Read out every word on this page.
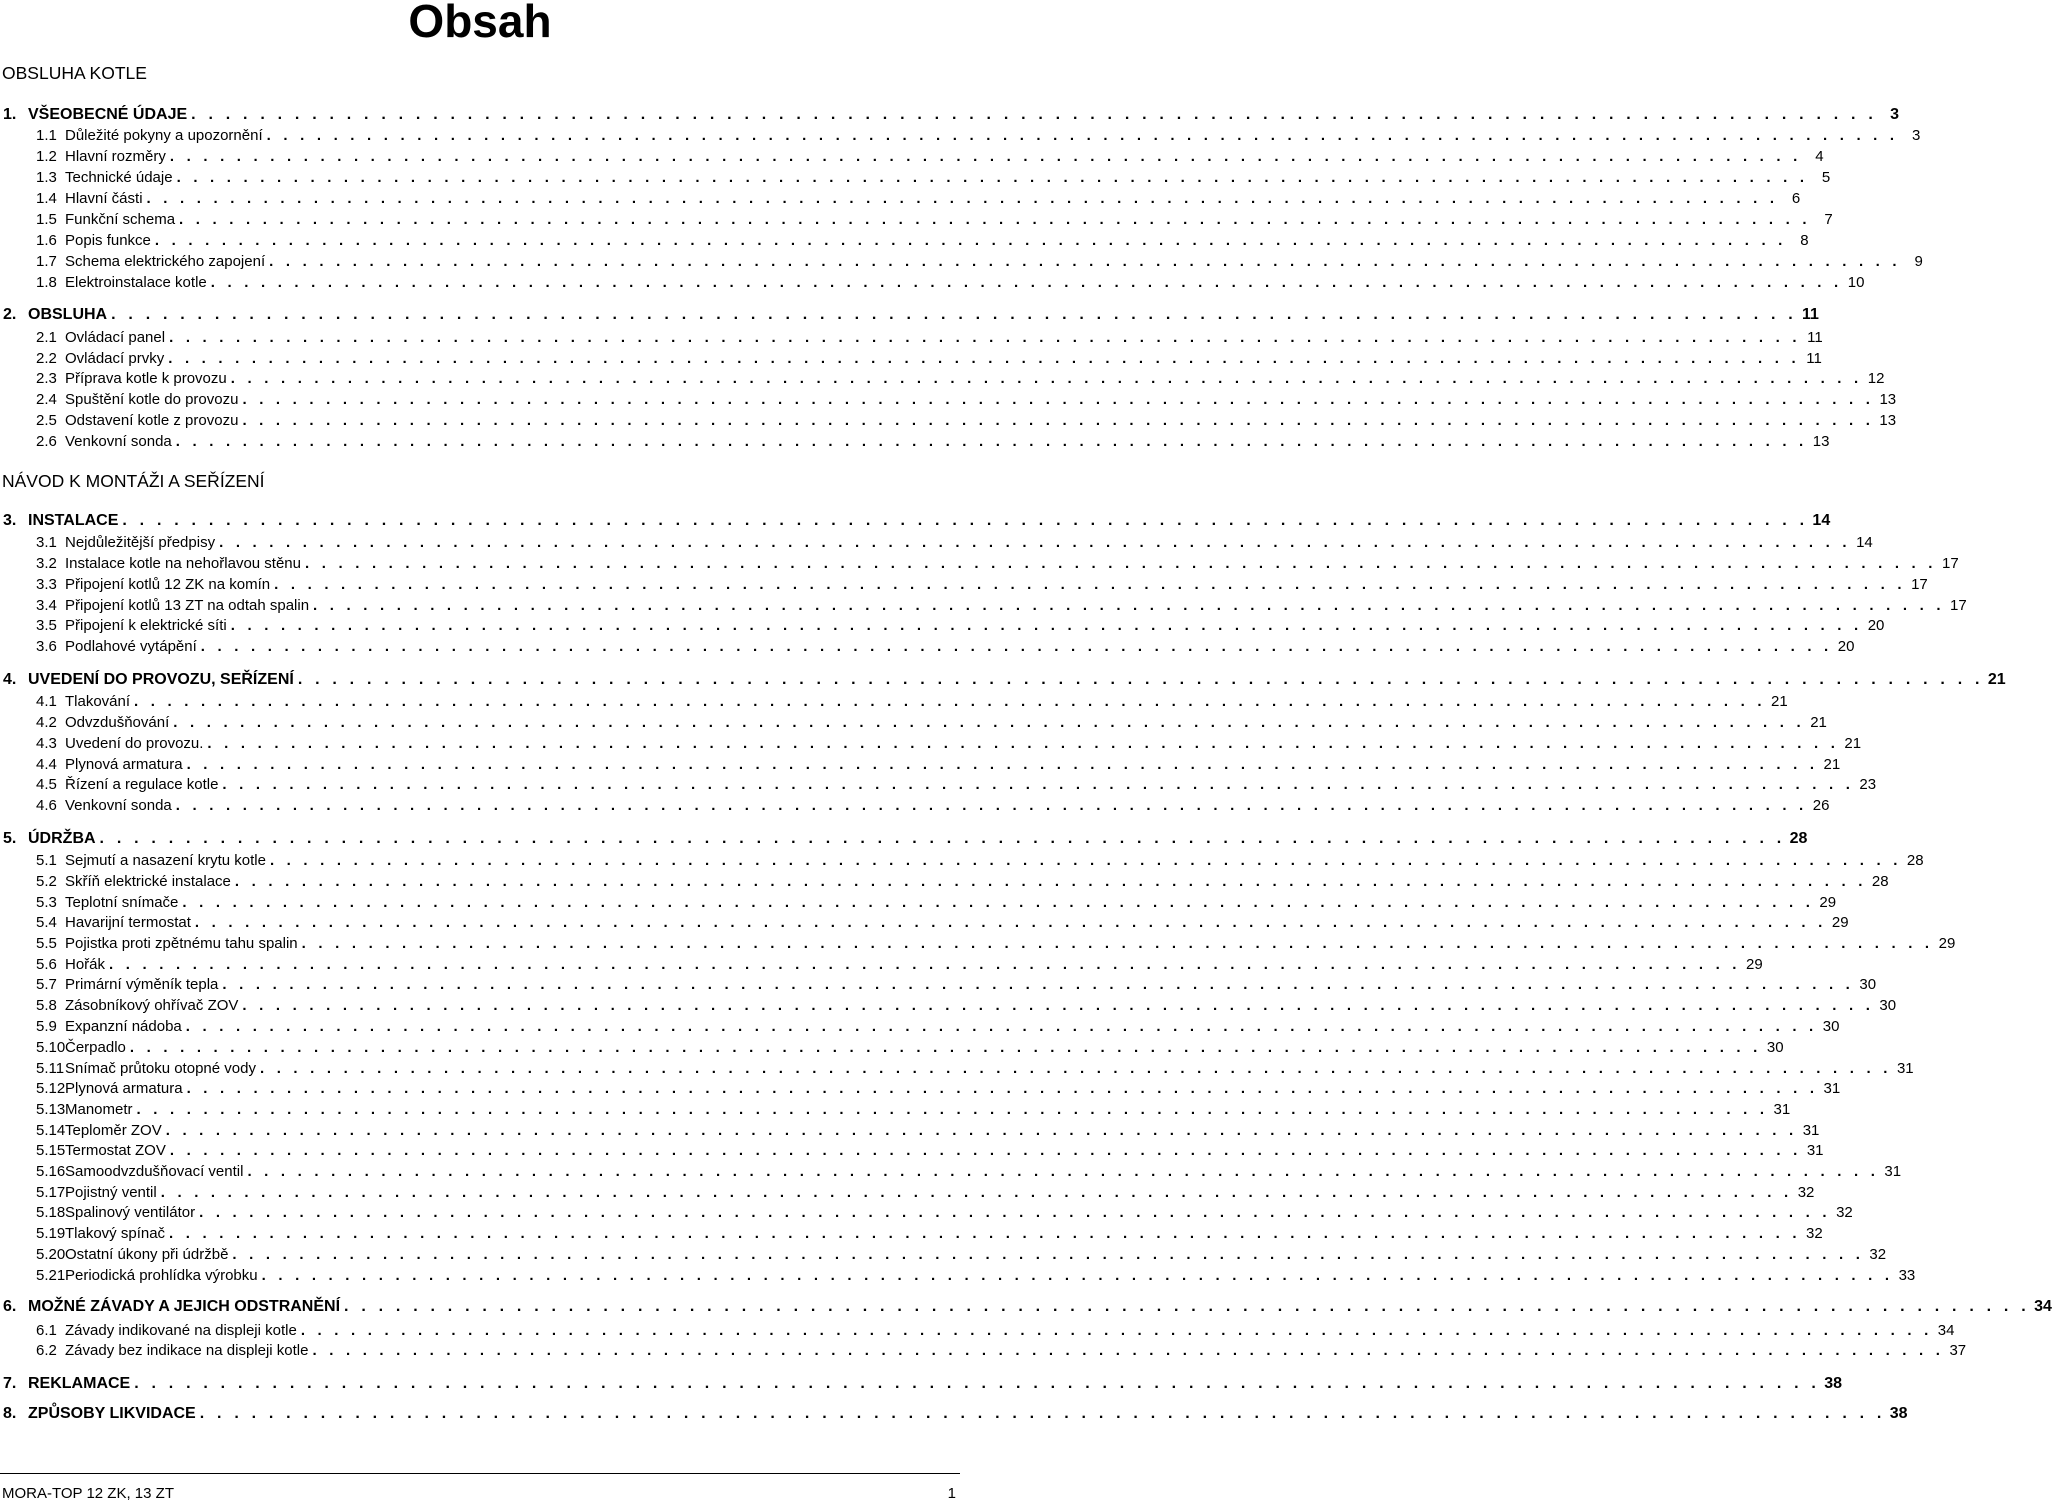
Obsah
OBSLUHA KOTLE
1. VŠEOBECNÉ ÚDAJE . . . . . . . . . . . . . . . . . . . . . . . . . . . . . . . . . . . . . . . . . . . . . . . . . . . . . . . . . . . . . . . . . . . . . . . . . . . . . . . . . . . . . . . . . . . . . . . . . . 3
1.1 Důležité pokyny a upozornění . . . . . . . . . . . . . . . . . . . . . . . . . . . . . . . . . . . . . . . . . . . . . . . . . . . . . . . . . . . . . . . . . . . . . . . . . . . . . . . . . . . . . . . . . . . . . . . . . . 3
1.2 Hlavní rozměry . . . . . . . . . . . . . . . . . . . . . . . . . . . . . . . . . . . . . . . . . . . . . . . . . . . . . . . . . . . . . . . . . . . . . . . . . . . . . . . . . . . . . . . . . . . . . . . . . . 4
1.3 Technické údaje . . . . . . . . . . . . . . . . . . . . . . . . . . . . . . . . . . . . . . . . . . . . . . . . . . . . . . . . . . . . . . . . . . . . . . . . . . . . . . . . . . . . . . . . . . . . . . . . . . 5
1.4 Hlavní části . . . . . . . . . . . . . . . . . . . . . . . . . . . . . . . . . . . . . . . . . . . . . . . . . . . . . . . . . . . . . . . . . . . . . . . . . . . . . . . . . . . . . . . . . . . . . . . . . . 6
1.5 Funkční schema . . . . . . . . . . . . . . . . . . . . . . . . . . . . . . . . . . . . . . . . . . . . . . . . . . . . . . . . . . . . . . . . . . . . . . . . . . . . . . . . . . . . . . . . . . . . . . . . . . 7
1.6 Popis funkce . . . . . . . . . . . . . . . . . . . . . . . . . . . . . . . . . . . . . . . . . . . . . . . . . . . . . . . . . . . . . . . . . . . . . . . . . . . . . . . . . . . . . . . . . . . . . . . . . . 8
1.7 Schema elektrického zapojení . . . . . . . . . . . . . . . . . . . . . . . . . . . . . . . . . . . . . . . . . . . . . . . . . . . . . . . . . . . . . . . . . . . . . . . . . . . . . . . . . . . . . . . . . . . . . . . . . . 9
1.8 Elektroinstalace kotle . . . . . . . . . . . . . . . . . . . . . . . . . . . . . . . . . . . . . . . . . . . . . . . . . . . . . . . . . . . . . . . . . . . . . . . . . . . . . . . . . . . . . . . . . . . . . . . . . . 10
2. OBSLUHA . . . . . . . . . . . . . . . . . . . . . . . . . . . . . . . . . . . . . . . . . . . . . . . . . . . . . . . . . . . . . . . . . . . . . . . . . . . . . . . . . . . . . . . . . . . . . . . . . . 11
2.1 Ovládací panel . . . . . . . . . . . . . . . . . . . . . . . . . . . . . . . . . . . . . . . . . . . . . . . . . . . . . . . . . . . . . . . . . . . . . . . . . . . . . . . . . . . . . . . . . . . . . . . . . . 11
2.2 Ovládací prvky . . . . . . . . . . . . . . . . . . . . . . . . . . . . . . . . . . . . . . . . . . . . . . . . . . . . . . . . . . . . . . . . . . . . . . . . . . . . . . . . . . . . . . . . . . . . . . . . . . 11
2.3 Příprava kotle k provozu . . . . . . . . . . . . . . . . . . . . . . . . . . . . . . . . . . . . . . . . . . . . . . . . . . . . . . . . . . . . . . . . . . . . . . . . . . . . . . . . . . . . . . . . . . . . . . . . . . 12
2.4 Spuštění kotle do provozu . . . . . . . . . . . . . . . . . . . . . . . . . . . . . . . . . . . . . . . . . . . . . . . . . . . . . . . . . . . . . . . . . . . . . . . . . . . . . . . . . . . . . . . . . . . . . . . . . . 13
2.5 Odstavení kotle z provozu . . . . . . . . . . . . . . . . . . . . . . . . . . . . . . . . . . . . . . . . . . . . . . . . . . . . . . . . . . . . . . . . . . . . . . . . . . . . . . . . . . . . . . . . . . . . . . . . . . 13
2.6 Venkovní sonda . . . . . . . . . . . . . . . . . . . . . . . . . . . . . . . . . . . . . . . . . . . . . . . . . . . . . . . . . . . . . . . . . . . . . . . . . . . . . . . . . . . . . . . . . . . . . . . . . . 13
NÁVOD K MONTÁŽI A SEŘÍZENÍ
3. INSTALACE . . . . . . . . . . . . . . . . . . . . . . . . . . . . . . . . . . . . . . . . . . . . . . . . . . . . . . . . . . . . . . . . . . . . . . . . . . . . . . . . . . . . . . . . . . . . . . . . . . 14
3.1 Nejdůležitější předpisy . . . . . . . . . . . . . . . . . . . . . . . . . . . . . . . . . . . . . . . . . . . . . . . . . . . . . . . . . . . . . . . . . . . . . . . . . . . . . . . . . . . . . . . . . . . . . . . . . . 14
3.2 Instalace kotle na nehořlavou stěnu . . . . . . . . . . . . . . . . . . . . . . . . . . . . . . . . . . . . . . . . . . . . . . . . . . . . . . . . . . . . . . . . . . . . . . . . . . . . . . . . . . . . . . . . . . . . . . . . . . 17
3.3 Připojení kotlů 12 ZK na komín . . . . . . . . . . . . . . . . . . . . . . . . . . . . . . . . . . . . . . . . . . . . . . . . . . . . . . . . . . . . . . . . . . . . . . . . . . . . . . . . . . . . . . . . . . . . . . . . . . 17
3.4 Připojení kotlů 13 ZT na odtah spalin . . . . . . . . . . . . . . . . . . . . . . . . . . . . . . . . . . . . . . . . . . . . . . . . . . . . . . . . . . . . . . . . . . . . . . . . . . . . . . . . . . . . . . . . . . . . . . . . . . 17
3.5 Připojení k elektrické síti . . . . . . . . . . . . . . . . . . . . . . . . . . . . . . . . . . . . . . . . . . . . . . . . . . . . . . . . . . . . . . . . . . . . . . . . . . . . . . . . . . . . . . . . . . . . . . . . . . 20
3.6 Podlahové vytápění . . . . . . . . . . . . . . . . . . . . . . . . . . . . . . . . . . . . . . . . . . . . . . . . . . . . . . . . . . . . . . . . . . . . . . . . . . . . . . . . . . . . . . . . . . . . . . . . . . 20
4. UVEDENÍ DO PROVOZU, SEŘÍZENÍ . . . . . . . . . . . . . . . . . . . . . . . . . . . . . . . . . . . . . . . . . . . . . . . . . . . . . . . . . . . . . . . . . . . . . . . . . . . . . . . . . . . . . . . . . . . . . . . . . . 21
4.1 Tlakování . . . . . . . . . . . . . . . . . . . . . . . . . . . . . . . . . . . . . . . . . . . . . . . . . . . . . . . . . . . . . . . . . . . . . . . . . . . . . . . . . . . . . . . . . . . . . . . . . . 21
4.2 Odvzdušňování . . . . . . . . . . . . . . . . . . . . . . . . . . . . . . . . . . . . . . . . . . . . . . . . . . . . . . . . . . . . . . . . . . . . . . . . . . . . . . . . . . . . . . . . . . . . . . . . . . 21
4.3 Uvedení do provozu. . . . . . . . . . . . . . . . . . . . . . . . . . . . . . . . . . . . . . . . . . . . . . . . . . . . . . . . . . . . . . . . . . . . . . . . . . . . . . . . . . . . . . . . . . . . . . . . . . . 21
4.4 Plynová armatura . . . . . . . . . . . . . . . . . . . . . . . . . . . . . . . . . . . . . . . . . . . . . . . . . . . . . . . . . . . . . . . . . . . . . . . . . . . . . . . . . . . . . . . . . . . . . . . . . . 21
4.5 Řízení a regulace kotle . . . . . . . . . . . . . . . . . . . . . . . . . . . . . . . . . . . . . . . . . . . . . . . . . . . . . . . . . . . . . . . . . . . . . . . . . . . . . . . . . . . . . . . . . . . . . . . . . . 23
4.6 Venkovní sonda . . . . . . . . . . . . . . . . . . . . . . . . . . . . . . . . . . . . . . . . . . . . . . . . . . . . . . . . . . . . . . . . . . . . . . . . . . . . . . . . . . . . . . . . . . . . . . . . . . 26
5. ÚDRŽBA . . . . . . . . . . . . . . . . . . . . . . . . . . . . . . . . . . . . . . . . . . . . . . . . . . . . . . . . . . . . . . . . . . . . . . . . . . . . . . . . . . . . . . . . . . . . . . . . . . 28
5.1 Sejmutí a nasazení krytu kotle . . . . . . . . . . . . . . . . . . . . . . . . . . . . . . . . . . . . . . . . . . . . . . . . . . . . . . . . . . . . . . . . . . . . . . . . . . . . . . . . . . . . . . . . . . . . . . . . . . 28
5.2 Skříň elektrické instalace . . . . . . . . . . . . . . . . . . . . . . . . . . . . . . . . . . . . . . . . . . . . . . . . . . . . . . . . . . . . . . . . . . . . . . . . . . . . . . . . . . . . . . . . . . . . . . . . . . 28
5.3 Teplotní snímače . . . . . . . . . . . . . . . . . . . . . . . . . . . . . . . . . . . . . . . . . . . . . . . . . . . . . . . . . . . . . . . . . . . . . . . . . . . . . . . . . . . . . . . . . . . . . . . . . . 29
5.4 Havarijní termostat . . . . . . . . . . . . . . . . . . . . . . . . . . . . . . . . . . . . . . . . . . . . . . . . . . . . . . . . . . . . . . . . . . . . . . . . . . . . . . . . . . . . . . . . . . . . . . . . . . 29
5.5 Pojistka proti zpětnému tahu spalin . . . . . . . . . . . . . . . . . . . . . . . . . . . . . . . . . . . . . . . . . . . . . . . . . . . . . . . . . . . . . . . . . . . . . . . . . . . . . . . . . . . . . . . . . . . . . . . . . . 29
5.6 Hořák . . . . . . . . . . . . . . . . . . . . . . . . . . . . . . . . . . . . . . . . . . . . . . . . . . . . . . . . . . . . . . . . . . . . . . . . . . . . . . . . . . . . . . . . . . . . . . . . . . 29
5.7 Primární výměník tepla . . . . . . . . . . . . . . . . . . . . . . . . . . . . . . . . . . . . . . . . . . . . . . . . . . . . . . . . . . . . . . . . . . . . . . . . . . . . . . . . . . . . . . . . . . . . . . . . . . 30
5.8 Zásobníkový ohřívač ZOV . . . . . . . . . . . . . . . . . . . . . . . . . . . . . . . . . . . . . . . . . . . . . . . . . . . . . . . . . . . . . . . . . . . . . . . . . . . . . . . . . . . . . . . . . . . . . . . . . . 30
5.9 Expanzní nádoba . . . . . . . . . . . . . . . . . . . . . . . . . . . . . . . . . . . . . . . . . . . . . . . . . . . . . . . . . . . . . . . . . . . . . . . . . . . . . . . . . . . . . . . . . . . . . . . . . . 30
5.10 Čerpadlo . . . . . . . . . . . . . . . . . . . . . . . . . . . . . . . . . . . . . . . . . . . . . . . . . . . . . . . . . . . . . . . . . . . . . . . . . . . . . . . . . . . . . . . . . . . . . . . . . . 30
5.11 Snímač průtoku otopné vody . . . . . . . . . . . . . . . . . . . . . . . . . . . . . . . . . . . . . . . . . . . . . . . . . . . . . . . . . . . . . . . . . . . . . . . . . . . . . . . . . . . . . . . . . . . . . . . . . . 31
5.12 Plynová armatura . . . . . . . . . . . . . . . . . . . . . . . . . . . . . . . . . . . . . . . . . . . . . . . . . . . . . . . . . . . . . . . . . . . . . . . . . . . . . . . . . . . . . . . . . . . . . . . . . . 31
5.13 Manometr . . . . . . . . . . . . . . . . . . . . . . . . . . . . . . . . . . . . . . . . . . . . . . . . . . . . . . . . . . . . . . . . . . . . . . . . . . . . . . . . . . . . . . . . . . . . . . . . . . 31
5.14 Teploměr ZOV . . . . . . . . . . . . . . . . . . . . . . . . . . . . . . . . . . . . . . . . . . . . . . . . . . . . . . . . . . . . . . . . . . . . . . . . . . . . . . . . . . . . . . . . . . . . . . . . . . 31
5.15 Termostat ZOV . . . . . . . . . . . . . . . . . . . . . . . . . . . . . . . . . . . . . . . . . . . . . . . . . . . . . . . . . . . . . . . . . . . . . . . . . . . . . . . . . . . . . . . . . . . . . . . . . . 31
5.16 Samoodvzdušňovací ventil . . . . . . . . . . . . . . . . . . . . . . . . . . . . . . . . . . . . . . . . . . . . . . . . . . . . . . . . . . . . . . . . . . . . . . . . . . . . . . . . . . . . . . . . . . . . . . . . . . 31
5.17 Pojistný ventil . . . . . . . . . . . . . . . . . . . . . . . . . . . . . . . . . . . . . . . . . . . . . . . . . . . . . . . . . . . . . . . . . . . . . . . . . . . . . . . . . . . . . . . . . . . . . . . . . . 32
5.18 Spalinový ventilátor . . . . . . . . . . . . . . . . . . . . . . . . . . . . . . . . . . . . . . . . . . . . . . . . . . . . . . . . . . . . . . . . . . . . . . . . . . . . . . . . . . . . . . . . . . . . . . . . . . 32
5.19 Tlakový spínač . . . . . . . . . . . . . . . . . . . . . . . . . . . . . . . . . . . . . . . . . . . . . . . . . . . . . . . . . . . . . . . . . . . . . . . . . . . . . . . . . . . . . . . . . . . . . . . . . . 32
5.20 Ostatní úkony při údržbě . . . . . . . . . . . . . . . . . . . . . . . . . . . . . . . . . . . . . . . . . . . . . . . . . . . . . . . . . . . . . . . . . . . . . . . . . . . . . . . . . . . . . . . . . . . . . . . . . . 32
5.21 Periodická prohlídka výrobku . . . . . . . . . . . . . . . . . . . . . . . . . . . . . . . . . . . . . . . . . . . . . . . . . . . . . . . . . . . . . . . . . . . . . . . . . . . . . . . . . . . . . . . . . . . . . . . . . . 33
6. MOŽNÉ ZÁVADY A JEJICH ODSTRANĚNÍ . . . . . . . . . . . . . . . . . . . . . . . . . . . . . . . . . . . . . . . . . . . . . . . . . . . . . . . . . . . . . . . . . . . . . . . . . . . . . . . . . . . . . . . . . . . . . . . . . . 34
6.1 Závady indikované na displeji kotle . . . . . . . . . . . . . . . . . . . . . . . . . . . . . . . . . . . . . . . . . . . . . . . . . . . . . . . . . . . . . . . . . . . . . . . . . . . . . . . . . . . . . . . . . . . . . . . . . . 34
6.2 Závady bez indikace na displeji kotle . . . . . . . . . . . . . . . . . . . . . . . . . . . . . . . . . . . . . . . . . . . . . . . . . . . . . . . . . . . . . . . . . . . . . . . . . . . . . . . . . . . . . . . . . . . . . . . . . . 37
7. REKLAMACE . . . . . . . . . . . . . . . . . . . . . . . . . . . . . . . . . . . . . . . . . . . . . . . . . . . . . . . . . . . . . . . . . . . . . . . . . . . . . . . . . . . . . . . . . . . . . . . . . . 38
8. ZPŮSOBY LIKVIDACE . . . . . . . . . . . . . . . . . . . . . . . . . . . . . . . . . . . . . . . . . . . . . . . . . . . . . . . . . . . . . . . . . . . . . . . . . . . . . . . . . . . . . . . . . . . . . . . . . . 38
MORA-TOP 12 ZK, 13 ZT	1
